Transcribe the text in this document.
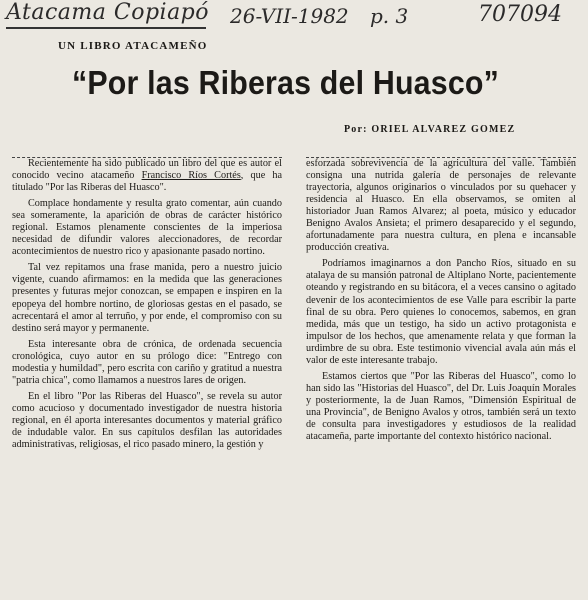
Atacama Copiapó 26-VII-1982 p. 3	707094
UN LIBRO ATACAMEÑO
“Por las Riberas del Huasco”
Por: ORIEL ALVAREZ GOMEZ

Recientemente ha sido publicado un libro del que es autor el conocido vecino atacameño Francisco Ríos Cortés, que ha titulado "Por las Riberas del Huasco".

Complace hondamente y resulta grato comentar, aún cuando sea someramente, la aparición de obras de carácter histórico regional. Estamos plenamente conscientes de la imperiosa necesidad de difundir valores aleccionadores, de recordar acontecimientos de nuestro rico y apasionante pasado nortino.

Tal vez repitamos una frase manida, pero a nuestro juicio vigente, cuando afirmamos: en la medida que las generaciones presentes y futuras mejor conozcan, se empapen e inspiren en la epopeya del hombre nortino, de gloriosas gestas en el pasado, se acrecentará el amor al terruño, y por ende, el compromiso con su destino será mayor y permanente.

Esta interesante obra de crónica, de ordenada secuencia cronológica, cuyo autor en su prólogo dice: "Entrego con modestia y humildad", pero escrita con cariño y gratitud a nuestra "patria chica", como llamamos a nuestros lares de origen.

En el libro "Por las Riberas del Huasco", se revela su autor como acucioso y documentado investigador de nuestra historia regional, en él aporta interesantes documentos y material gráfico de indudable valor. En sus capítulos desfilan las autoridades administrativas, religiosas, el rico pasado minero, la gestión y

esforzada sobrevivencia de la agricultura del valle. También consigna una nutrida galería de personajes de relevante trayectoria, algunos originarios o vinculados por su quehacer y residencia al Huasco. En ella observamos, se omiten al historiador Juan Ramos Alvarez; al poeta, músico y educador Benigno Avalos Ansieta; el primero desaparecido y el segundo, afortunadamente para nuestra cultura, en plena e incansable producción creativa.

Podríamos imaginarnos a don Pancho Ríos, situado en su atalaya de su mansión patronal de Altiplano Norte, pacientemente oteando y registrando en su bitácora, el a veces cansino o agitado devenir de los acontecimientos de ese Valle para escribir la parte final de su obra. Pero quienes lo conocemos, sabemos, en gran medida, más que un testigo, ha sido un activo protagonista e impulsor de los hechos, que amenamente relata y que forman la urdimbre de su obra. Este testimonio vivencial avala aún más el valor de este interesante trabajo.

Estamos ciertos que "Por las Riberas del Huasco", como lo han sido las "Historias del Huasco", del Dr. Luis Joaquín Morales y posteriormente, la de Juan Ramos, "Dimensión Espiritual de una Provincia", de Benigno Avalos y otros, también será un texto de consulta para investigadores y estudiosos de la realidad atacameña, parte importante del contexto histórico nacional.
